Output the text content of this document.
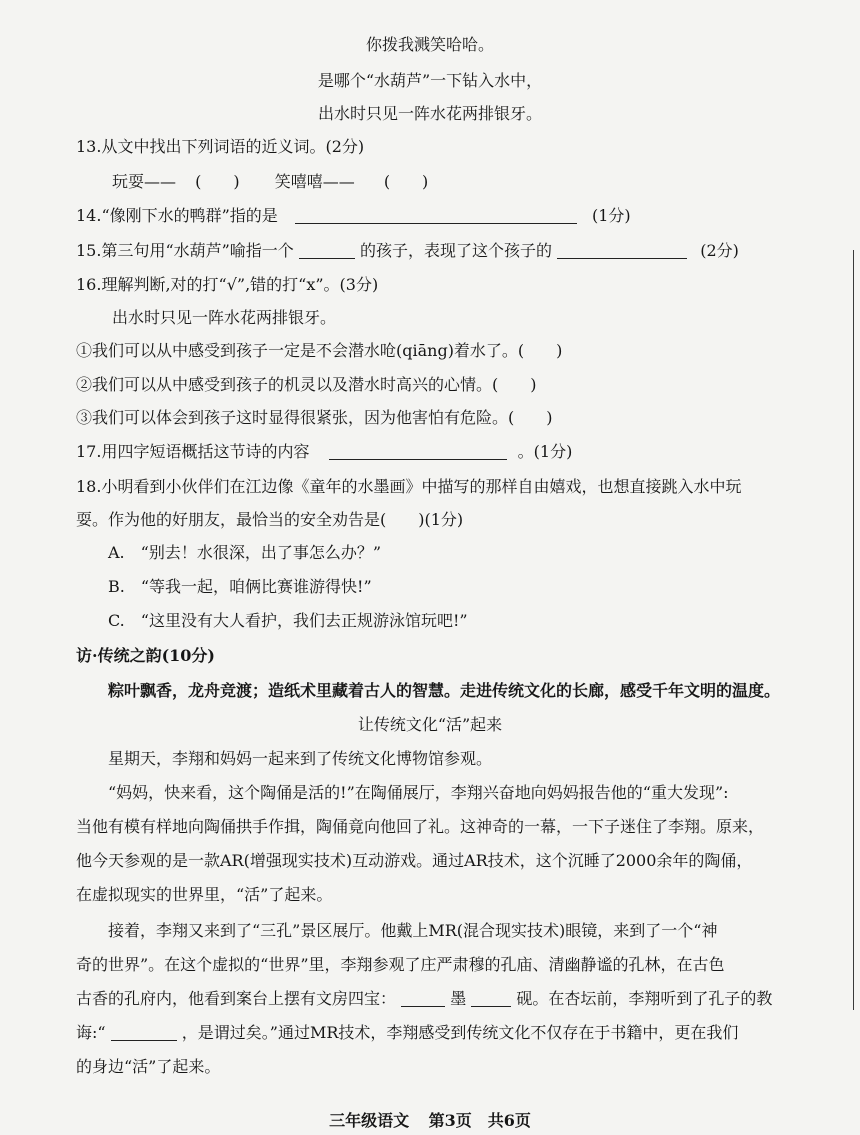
你拨我溅笑哈哈。
是哪个“水葫芦”一下钻入水中，
出水时只见一阵水花两排银牙。
13.从文中找出下列词语的近义词。(2分)
玩耍—— (　　) 笑嘻嘻—— (　　)
14.“像刚下水的鸭群”指的是	(1分)
15.第三句用“水葫芦”喻指一个	的孩子，表现了这个孩子的	(2分)
16.理解判断,对的打“√”,错的打“x”。(3分)
出水时只见一阵水花两排银牙。
①我们可以从中感受到孩子一定是不会潜水呛(qiāng)着水了。(　　)
②我们可以从中感受到孩子的机灵以及潜水时高兴的心情。(　　)
③我们可以体会到孩子这时显得很紧张，因为他害怕有危险。(　　)
17.用四字短语概括这节诗的内容	。(1分)
18.小明看到小伙伴们在江边像《童年的水墨画》中描写的那样自由嬉戏，也想直接跳入水中玩
耍。作为他的好朋友，最恰当的安全劝告是(　　)(1分)
A.　“别去！水很深，出了事怎么办？”
B.　“等我一起，咱俩比赛谁游得快!”
C.　“这里没有大人看护，我们去正规游泳馆玩吧!”
访·传统之韵(10分)
粽叶飘香，龙舟竞渡；造纸术里藏着古人的智慧。走进传统文化的长廊，感受千年文明的温度。
让传统文化“活”起来
星期天，李翔和妈妈一起来到了传统文化博物馆参观。
“妈妈，快来看，这个陶俑是活的!”在陶俑展厅，李翔兴奋地向妈妈报告他的“重大发现”:
当他有模有样地向陶俑拱手作揖，陶俑竟向他回了礼。这神奇的一幕，一下子迷住了李翔。原来，
他今天参观的是一款AR(增强现实技术)互动游戏。通过AR技术，这个沉睡了2000余年的陶俑，
在虚拟现实的世界里，“活”了起来。
接着，李翔又来到了“三孔”景区展厅。他戴上MR(混合现实技术)眼镜，来到了一个“神
奇的世界”。在这个虚拟的“世界”里，李翔参观了庄严肃穆的孔庙、清幽静谧的孔林，在古色
古香的孔府内，他看到案台上摆有文房四宝：	墨	砚。在杏坛前，李翔听到了孔子的教
诲:“	，是谓过矣。”通过MR技术，李翔感受到传统文化不仅存在于书籍中，更在我们
的身边“活”了起来。
三年级语文 第3页　共6页
